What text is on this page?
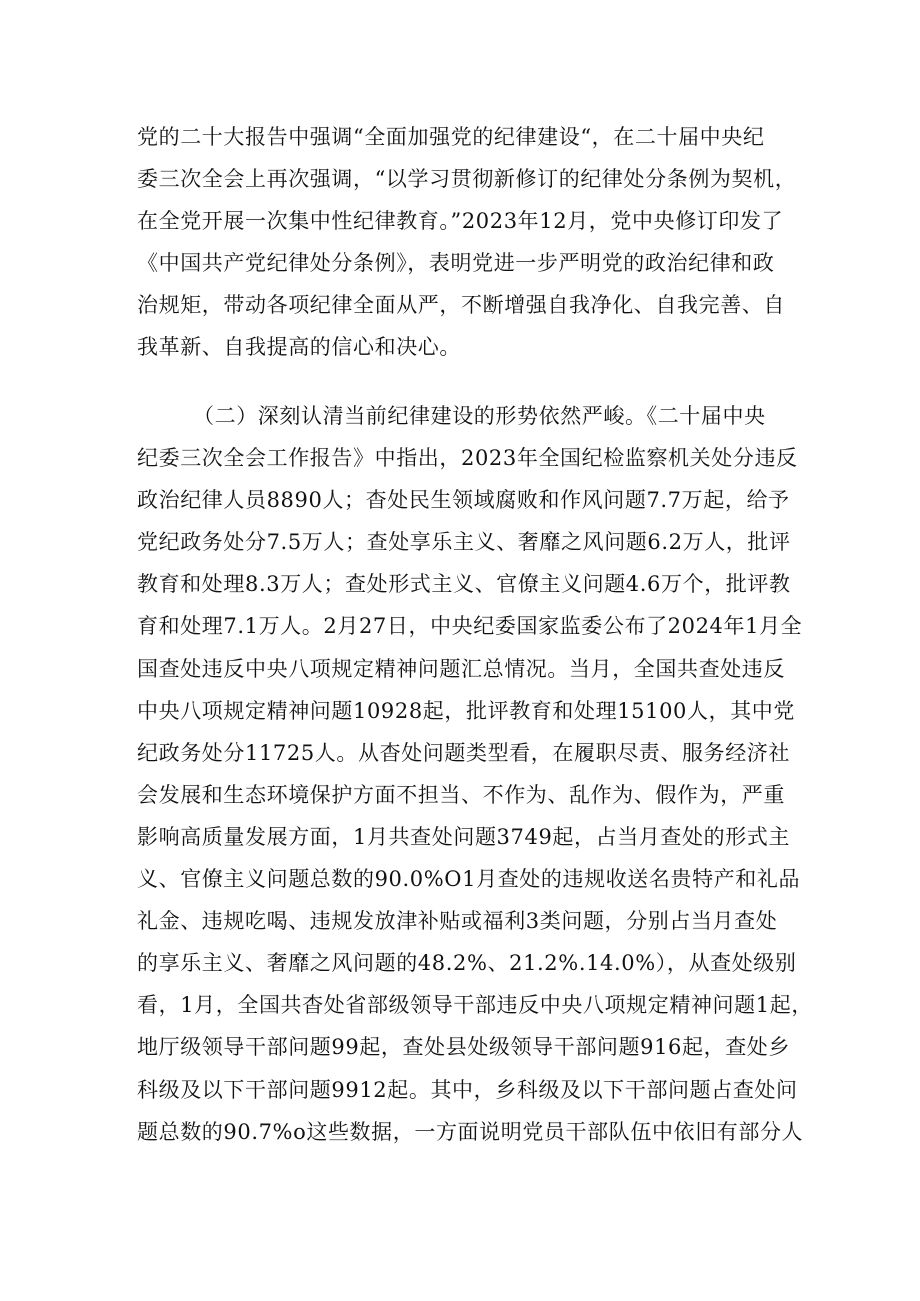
党的二十大报告中强调“全面加强党的纪律建设“，在二十届中央纪
委三次全会上再次强调，“以学习贯彻新修订的纪律处分条例为契机，
在全党开展一次集中性纪律教育。”2023年12月，党中央修订印发了
《中国共产党纪律处分条例》，表明党进一步严明党的政治纪律和政
治规矩，带动各项纪律全面从严，不断增强自我净化、自我完善、自
我革新、自我提高的信心和决心。
（二）深刻认清当前纪律建设的形势依然严峻。《二十届中央
纪委三次全会工作报告》中指出，2023年全国纪检监察机关处分违反
政治纪律人员8890人；杳处民生领域腐败和作风问题7.7万起，给予
党纪政务处分7.5万人；查处享乐主义、奢靡之风问题6.2万人，批评
教育和处理8.3万人；查处形式主义、官僚主义问题4.6万个，批评教
育和处理7.1万人。2月27日，中央纪委国家监委公布了2024年1月全
国查处违反中央八项规定精神问题汇总情况。当月，全国共查处违反
中央八项规定精神问题10928起，批评教育和处理15100人，其中党
纪政务处分11725人。从杳处问题类型看，在履职尽责、服务经济社
会发展和生态环境保护方面不担当、不作为、乱作为、假作为，严重
影响高质量发展方面，1月共查处问题3749起，占当月查处的形式主
义、官僚主义问题总数的90.0%O1月查处的违规收送名贵特产和礼品
礼金、违规吃喝、违规发放津补贴或福利3类问题，分别占当月查处
的享乐主义、奢靡之风问题的48.2%、21.2%.14.0%），从查处级别
看，1月，全国共杳处省部级领导干部违反中央八项规定精神问题1起，
地厅级领导干部问题99起，查处县处级领导干部问题916起，查处乡
科级及以下干部问题9912起。其中，乡科级及以下干部问题占查处问
题总数的90.7%o这些数据，一方面说明党员干部队伍中依旧有部分人
